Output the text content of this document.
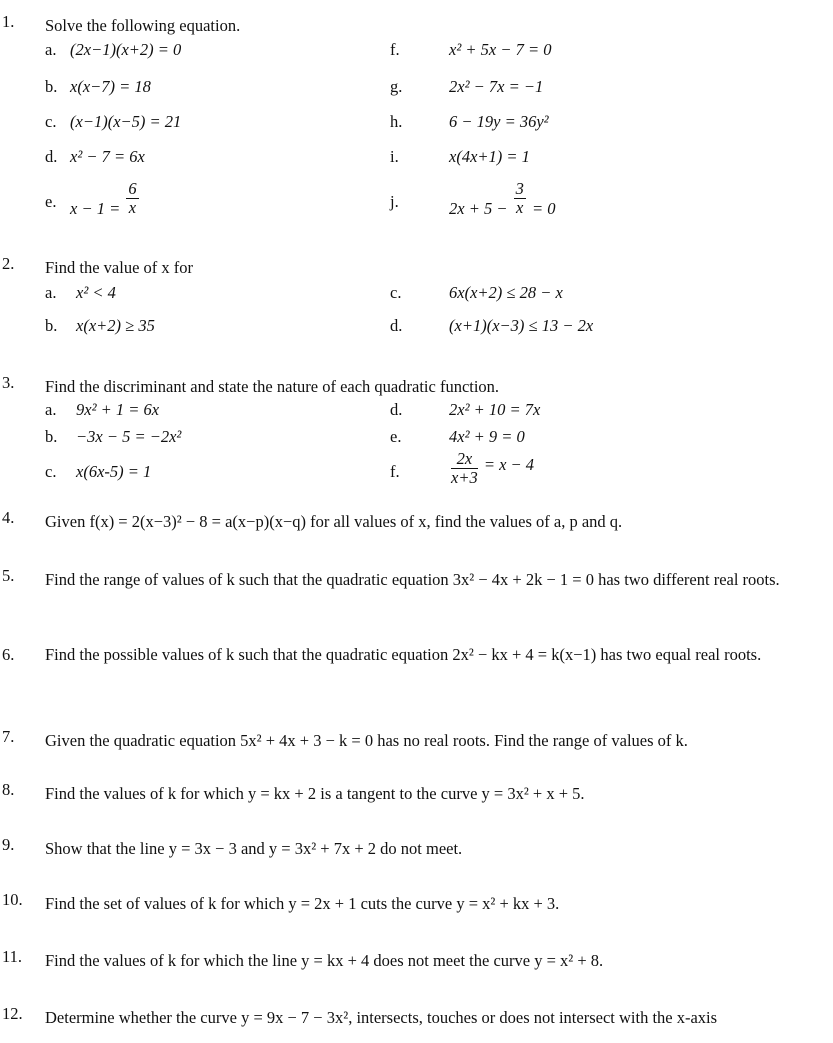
1. Solve the following equation.
a. (2x−1)(x+2) = 0	f.	x² + 5x − 7 = 0
b. x(x−7) = 18	g.	2x² − 7x = −1
c. (x−1)(x−5) = 21	h.	6 − 19y = 36y²
d. x² − 7 = 6x	i.	x(4x+1) = 1
e. $x - 1 = \frac{6}{x}$	j.	$2x + 5 - \frac{3}{x} = 0$
2. Find the value of x for
a. x² < 4	c.	6x(x+2) ≤ 28 − x
b. x(x+2) ≥ 35	d.	(x+1)(x−3) ≤ 13 − 2x
3. Find the discriminant and state the nature of each quadratic function.
a. 9x² + 1 = 6x	d.	2x² + 10 = 7x
b. −3x − 5 = −2x²	e.	4x² + 9 = 0
c. x(6x-5) = 1	f.	$\frac{2x}{x+3} = x - 4$
4. Given f(x) = 2(x−3)² − 8 = a(x−p)(x−q) for all values of x, find the values of a, p and q.
5. Find the range of values of k such that the quadratic equation 3x² − 4x + 2k − 1 = 0 has two different real roots.
6. Find the possible values of k such that the quadratic equation 2x² − kx + 4 = k(x−1) has two equal real roots.
7. Given the quadratic equation 5x² + 4x + 3 − k = 0 has no real roots. Find the range of values of k.
8. Find the values of k for which y = kx + 2 is a tangent to the curve y = 3x² + x + 5.
9. Show that the line y = 3x − 3 and y = 3x² + 7x + 2 do not meet.
10. Find the set of values of k for which y = 2x + 1 cuts the curve y = x² + kx + 3.
11. Find the values of k for which the line y = kx + 4 does not meet the curve y = x² + 8.
12. Determine whether the curve y = 9x − 7 − 3x², intersects, touches or does not intersect with the x-axis
